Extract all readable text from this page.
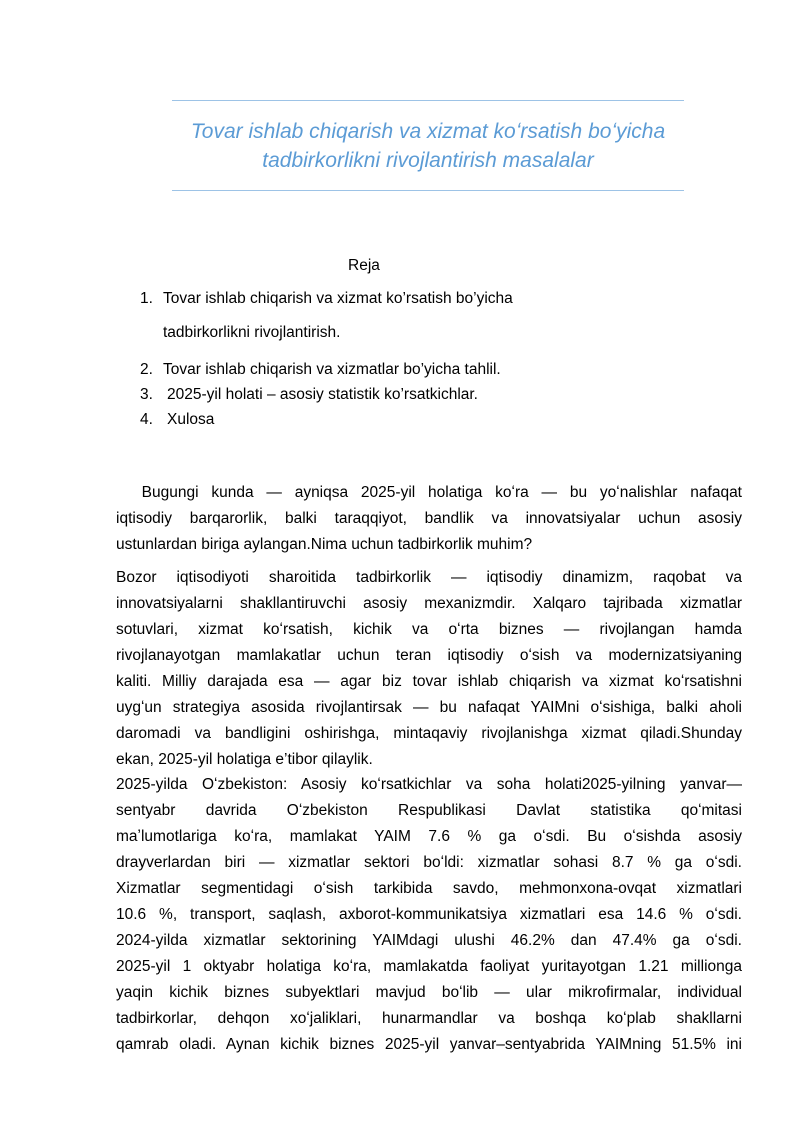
Tovar ishlab chiqarish va xizmat koʻrsatish boʻyicha
tadbirkorlikni rivojlantirish masalalar
Reja
1. Tovar ishlab chiqarish va xizmat ko’rsatish bo’yicha
tadbirkorlikni rivojlantirish.
2. Tovar ishlab chiqarish va xizmatlar bo’yicha tahlil.
3. 2025-yil holati – asosiy statistik ko’rsatkichlar.
4. Xulosa
Bugungi kunda — ayniqsa 2025-yil holatiga koʻra — bu yoʻnalishlar nafaqat
iqtisodiy barqarorlik, balki taraqqiyot, bandlik va innovatsiyalar uchun asosiy
ustunlardan biriga aylangan.Nima uchun tadbirkorlik muhim?
Bozor iqtisodiyoti sharoitida tadbirkorlik — iqtisodiy dinamizm, raqobat va
innovatsiyalarni shakllantiruvchi asosiy mexanizmdir. Xalqaro tajribada xizmatlar
sotuvlari, xizmat koʻrsatish, kichik va oʻrta biznes — rivojlangan hamda
rivojlanayotgan mamlakatlar uchun teran iqtisodiy oʻsish va modernizatsiyaning
kaliti. Milliy darajada esa — agar biz tovar ishlab chiqarish va xizmat koʻrsatishni
uygʻun strategiya asosida rivojlantirsak — bu nafaqat YAIMni oʻsishiga, balki aholi
daromadi va bandligini oshirishga, mintaqaviy rivojlanishga xizmat qiladi.Shunday
ekan, 2025-yil holatiga e’tibor qilaylik.
2025-yilda Oʻzbekiston: Asosiy koʻrsatkichlar va soha holati2025-yilning yanvar—
sentyabr davrida Oʻzbekiston Respublikasi Davlat statistika qoʻmitasi
maʼlumotlariga koʻra, mamlakat YAIM 7.6 % ga oʻsdi. Bu oʻsishda asosiy
drayverlardan biri — xizmatlar sektori boʻldi: xizmatlar sohasi 8.7 % ga oʻsdi.
Xizmatlar segmentidagi oʻsish tarkibida savdo, mehmonxona-ovqat xizmatlari
10.6 %, transport, saqlash, axborot-kommunikatsiya xizmatlari esa 14.6 % oʻsdi.
2024-yilda xizmatlar sektorining YAIMdagi ulushi 46.2% dan 47.4% ga oʻsdi.
2025-yil 1 oktyabr holatiga koʻra, mamlakatda faoliyat yuritayotgan 1.21 millionga
yaqin kichik biznes subyektlari mavjud boʻlib — ular mikrofirmalar, individual
tadbirkorlar, dehqon xoʻjaliklari, hunarmandlar va boshqa koʻplab shakllarni
qamrab oladi. Aynan kichik biznes 2025-yil yanvar–sentyabrida YAIMning 51.5% ini
